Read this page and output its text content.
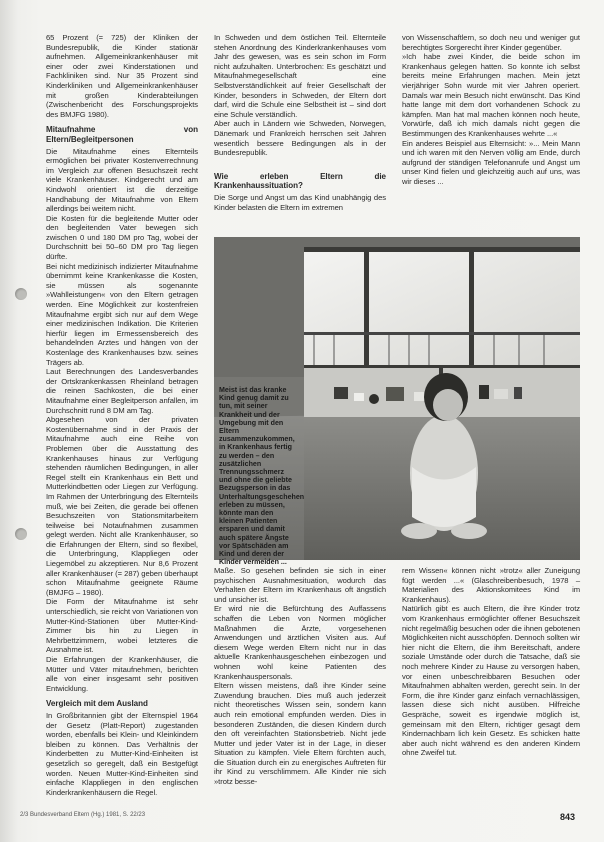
65 Prozent (= 725) der Kliniken der Bundesrepublik, die Kinder stationär aufnehmen. Allgemeinkrankenhäuser mit einer oder zwei Kinderstationen und Fachkliniken sind. Nur 35 Prozent sind Kinderkliniken und Allgemeinkrankenhäuser mit großen Kinderabteilungen (Zwischenbericht des Forschungsprojekts des BMJFG 1980).

Mitaufnahme von Eltern/Begleitpersonen

Die Mitaufnahme eines Elternteils ermöglichen bei privater Kostenverrechnung im Vergleich zur offenen Besuchszeit recht viele Krankenhäuser. Kindgerecht und am Kindwohl orientiert ist die derzeitige Handhabung der Mitaufnahme von Eltern allerdings bei weitem nicht.

Die Kosten für die begleitende Mutter oder den begleitenden Vater bewegen sich zwischen 0 und 180 DM pro Tag, wobei der Durchschnitt bei 50–60 DM pro Tag liegen dürfte.

Bei nicht medizinisch indizierter Mitaufnahme übernimmt keine Krankenkasse die Kosten, sie müssen als sogenannte »Wahlleistungen« von den Eltern getragen werden. Eine Möglichkeit zur kostenfreien Mitaufnahme ergibt sich nur auf dem Wege einer medizinischen Indikation. Die Kriterien hierfür liegen im Ermessensbereich des behandelnden Arztes und hängen von der Kostenlage des Krankenhauses bzw. seines Trägers ab.

Laut Berechnungen des Landesverbandes der Ortskrankenkassen Rheinland betragen die reinen Sachkosten, die bei einer Mitaufnahme einer Begleitperson anfallen, im Durchschnitt rund 8 DM am Tag.

Abgesehen von der privaten Kostenübernahme sind in der Praxis der Mitaufnahme auch eine Reihe von Problemen über die Ausstattung des Krankenhauses hinaus zur Verfügung stehenden räumlichen Bedingungen, in aller Regel stellt ein Krankenhaus ein Bett und Mutterkindbetten oder Liegen zur Verfügung. Im Rahmen der Unterbringung des Elternteils muß, wie bei Zeiten, die gerade bei offenen Besuchszeiten von Stationsmitarbeitern teilweise bei Notaufnahmen zusammen gelegt werden. Nicht alle Krankenhäuser, so die Erfahrungen der Eltern, sind so flexibel, die Unterbringung, Klappliegen oder Liegemöbel zu akzeptieren. Nur 8,6 Prozent aller Krankenhäuser (= 287) geben überhaupt schon Mitaufnahme geeignete Räume (BMJFG – 1980).

Die Form der Mitaufnahme ist sehr unterschiedlich, sie reicht von Variationen von Mutter-Kind-Stationen über Mutter-Kind-Zimmer bis hin zu Liegen in Mehrbettzimmern, wobei letzteres die Ausnahme ist.

Die Erfahrungen der Krankenhäuser, die Mütter und Väter mitaufnehmen, berichten alle von einer insgesamt sehr positiven Entwicklung.

Vergleich mit dem Ausland

In Großbritannien gibt der Elternspiel 1964 der Gesetz (Platt-Report) zugestanden worden, ebenfalls bei Klein- und Kleinkindern bleiben zu können. Das Verhältnis der Kinderbetten zu Mutter-Kind-Einheiten ist gesetzlich so geregelt, daß ein Bestgefügt worden. Neuen Mutter-Kind-Einheiten sind einfache Klappliegen in den englischen Kinderkrankenhäusern die Regel.

In Schweden und dem östlichen Teil. Elternteile stehen Anordnung des Kinderkrankenhauses vom Jahr des gewesen, was es sein schon im Form nicht aufzuhalten. Unterbrochen: Es geschätzt und Mitaufnahmegesellschaft eine Selbstverständlichkeit auf freier Gesellschaft der Kinder, besonders in Schweden, der Eltern dort darf, wird die Schule eine Selbstheit ist – sind dort eine Schule verständlich.

Aber auch in Ländern wie Schweden, Norwegen, Dänemark und Frankreich herrschen seit Jahren wesentlich bessere Bedingungen als in der Bundesrepublik.

Wie erleben Eltern die Krankenhaussituation?

Die Sorge und Angst um das Kind unabhängig des Kinder belasten die Eltern im extremen

von Wissenschaftlern, so doch neu und weniger gut berechtigtes Sorgerecht ihrer Kinder gegenüber.

»Ich habe zwei Kinder, die beide schon im Krankenhaus gelegen hatten. So konnte ich selbst bereits meine Erfahrungen machen. Mein jetzt vierjähriger Sohn wurde mit vier Jahren operiert. Damals war mein Besuch nicht erwünscht. Das Kind hatte lange mit dem dort vorhandenen Schock zu kämpfen. Man hat mal machen können noch heute, Vorwürfe, daß ich mich damals nicht gegen die Bestimmungen des Krankenhauses wehrte ...«

Ein anderes Beispiel aus Elternsicht: »... Mein Mann und ich waren mit den Nerven völlig am Ende, durch aufgrund der ständigen Telefonanrufe und Angst um unser Kind fielen und gleichzeitig auch auf uns, was wir dieses ...

Meist ist das kranke Kind genug damit zu tun, mit seiner Krankheit und der Umgebung mit den Eltern zusammenzukommen, in Krankenhaus fertig zu werden – den zusätzlichen Trennungsschmerz und ohne die geliebte Bezugsperson in das Unterhaltungsgeschehen erleben zu müssen, könnte man den kleinen Patienten ersparen und damit auch spätere Ängste vor Spätschäden am Kind und deren der Kinder vermeiden ...

Maße. So gesehen befinden sie sich in einer psychischen Ausnahmesituation, wodurch das Verhalten der Eltern im Krankenhaus oft ängstlich und unsicher ist.

Er wird nie die Befürchtung des Auffassens schaffen die Leben von Normen möglicher Maßnahmen die Ärzte, vorgesehenen Anwendungen und ärztlichen Visiten aus. Auf diesem Wege werden Eltern nicht nur in das aktuelle Krankenhausgeschehen einbezogen und wohnen wohl keine Patienten des Krankenhauspersonals.

Eltern wissen meistens, daß ihre Kinder seine Zuwendung brauchen. Dies muß auch jederzeit nicht theoretisches Wissen sein, sondern kann auch rein emotional empfunden werden. Dies in besonderen Zuständen, die diesen Kindern durch den oft vereinfachten Stationsbetrieb. Nicht jede Mutter und jeder Vater ist in der Lage, in dieser Situation zu kämpfen. Viele Eltern fürchten auch, die Situation durch ein zu energisches Auftreten für ihr Kind zu verschlimmern. Alle Kinder nie sich »trotz besse-

rem Wissen« können nicht »trotz« aller Zuneigung fügt werden ...« (Glaschreibenbesuch, 1978 – Materialien des Aktionskomitees Kind im Krankenhaus).

Natürlich gibt es auch Eltern, die ihre Kinder trotz vom Krankenhaus ermöglichter offener Besuchszeit nicht regelmäßig besuchen oder die ihnen gebotenen Möglichkeiten nicht ausschöpfen. Dennoch sollten wir hier nicht die Eltern, die ihm Bereitschaft, andere soziale Umstände oder durch die Tatsache, daß sie noch mehrere Kinder zu Hause zu versorgen haben, vor einen unbeschreibbaren Besuchen oder Mitaufnahmen abhalten werden, gerecht sein. In der Form, die ihre Kinder ganz einfach vernachlässigen, lassen diese sich nicht ausüben. Hilfreiche Gespräche, soweit es irgendwie möglich ist, gemeinsam mit den Eltern, richtiger gesagt dem Kindernachbarn lich kein Gesetz. Es schicken hatte aber auch nicht während es den anderen Kindern ohne Zweifel tut.

2/3 Bundesverband Eltern (Hg.) 1981, S. 22/23	843
